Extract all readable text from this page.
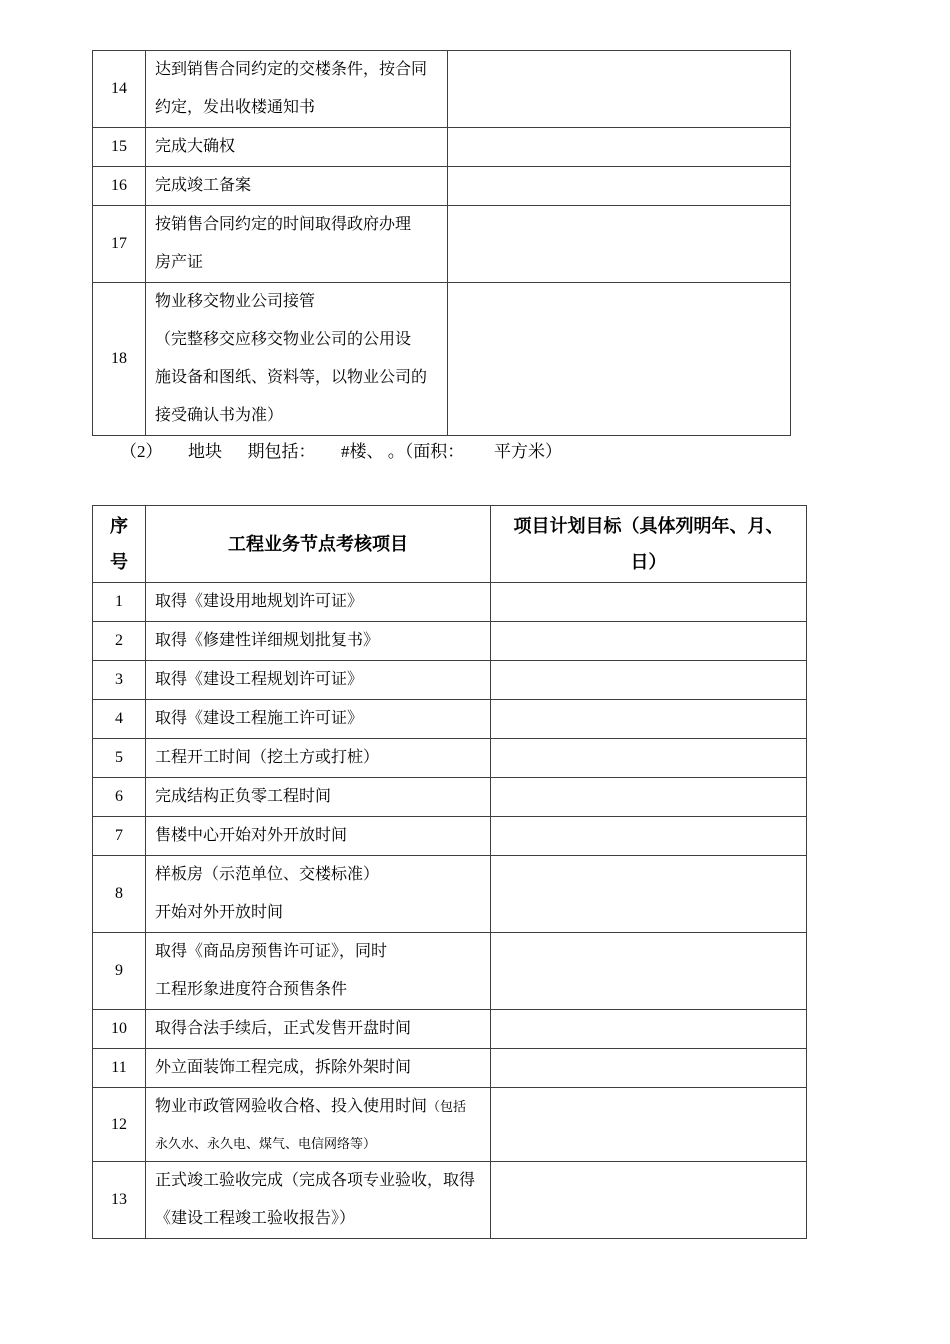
14	达到销售合同约定的交楼条件，按合同
约定，发出收楼通知书	

15	完成大确权	

16	完成竣工备案	

17	按销售合同约定的时间取得政府办理
房产证	

18	物业移交物业公司接管
（完整移交应移交物业公司的公用设
施设备和图纸、资料等，以物业公司的
接受确认书为准）	

（2）      地块      期包括：      #楼、 。（面积：       平方米）

序号	工程业务节点考核项目	项目计划目标（具体列明年、月、日）
1	取得《建设用地规划许可证》	

2	取得《修建性详细规划批复书》	

3	取得《建设工程规划许可证》	

4	取得《建设工程施工许可证》	

5	工程开工时间（挖土方或打桩）	

6	完成结构正负零工程时间	

7	售楼中心开始对外开放时间	

8	样板房（示范单位、交楼标准）
开始对外开放时间	

9	取得《商品房预售许可证》，同时
工程形象进度符合预售条件	

10	取得合法手续后，正式发售开盘时间	

11	外立面装饰工程完成，拆除外架时间	

12	物业市政管网验收合格、投入使用时间（包括
永久水、永久电、煤气、电信网络等）	

13	正式竣工验收完成（完成各项专业验收，取得
《建设工程竣工验收报告》）	
